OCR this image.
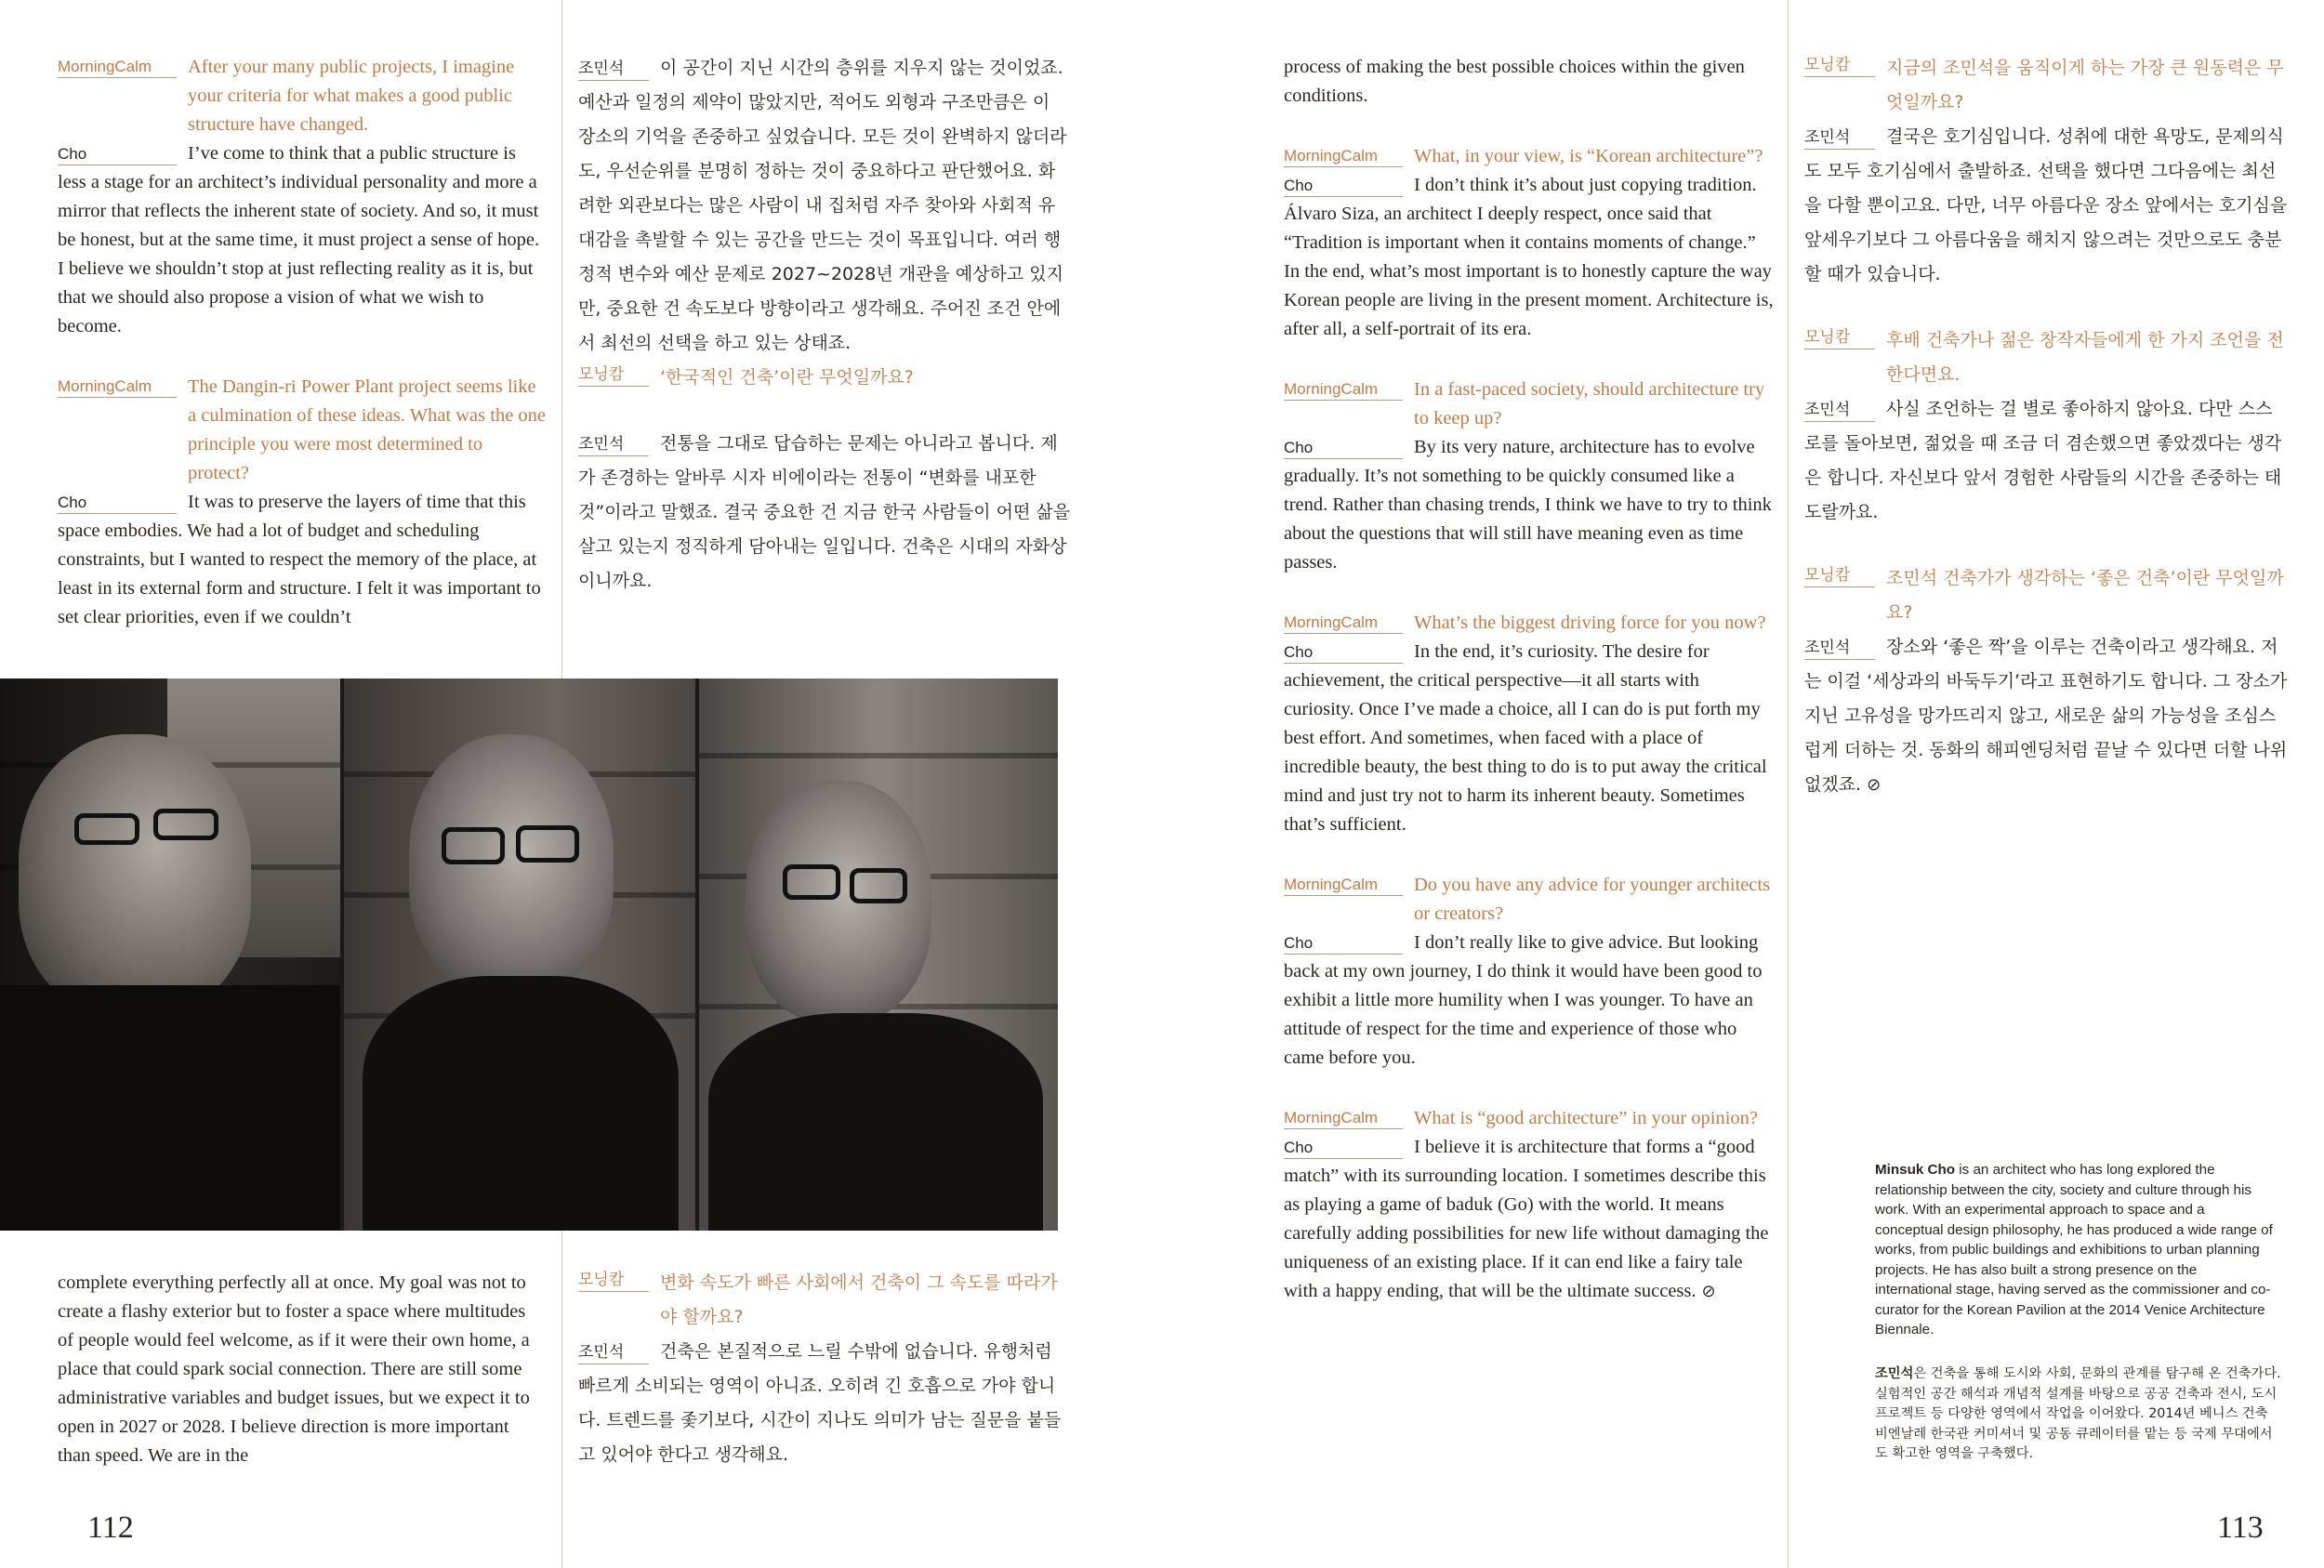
MorningCalm	After your many public projects, I imagine your criteria for what makes a good public structure have changed.
Cho	I’ve come to think that a public structure is less a stage for an architect’s individual personality and more a mirror that reflects the inherent state of society. And so, it must be honest, but at the same time, it must project a sense of hope. I believe we shouldn’t stop at just reflecting reality as it is, but that we should also propose a vision of what we wish to become.
MorningCalm	The Dangin-ri Power Plant project seems like a culmination of these ideas. What was the one principle you were most determined to protect?
Cho	It was to preserve the layers of time that this space embodies. We had a lot of budget and scheduling constraints, but I wanted to respect the memory of the place, at least in its external form and structure. I felt it was important to set clear priorities, even if we couldn’t

complete everything perfectly all at once. My goal was not to create a flashy exterior but to foster a space where multitudes of people would feel welcome, as if it were their own home, a place that could spark social connection. There are still some administrative variables and budget issues, but we expect it to open in 2027 or 2028. I believe direction is more important than speed. We are in the

조민석 이 공간이 지닌 시간의 층위를 지우지 않는 것이었죠. 예산과 일정의 제약이 많았지만, 적어도 외형과 구조만큼은 이 장소의 기억을 존중하고 싶었습니다. 모든 것이 완벽하지 않더라도, 우선순위를 분명히 정하는 것이 중요하다고 판단했어요. 화려한 외관보다는 많은 사람이 내 집처럼 자주 찾아와 사회적 유대감을 촉발할 수 있는 공간을 만드는 것이 목표입니다. 여러 행정적 변수와 예산 문제로 2027~2028년 개관을 예상하고 있지만, 중요한 건 속도보다 방향이라고 생각해요. 주어진 조건 안에서 최선의 선택을 하고 있는 상태죠.
모닝캄	‘한국적인 건축’이란 무엇일까요?
조민석 전통을 그대로 답습하는 문제는 아니라고 봅니다. 제가 존경하는 알바루 시자 비에이라는 전통이 “변화를 내포한 것”이라고 말했죠. 결국 중요한 건 지금 한국 사람들이 어떤 삶을 살고 있는지 정직하게 담아내는 일입니다. 건축은 시대의 자화상이니까요.
모닝캄	변화 속도가 빠른 사회에서 건축이 그 속도를 따라가야 할까요?
조민석 건축은 본질적으로 느릴 수밖에 없습니다. 유행처럼 빠르게 소비되는 영역이 아니죠. 오히려 긴 호흡으로 가야 합니다. 트렌드를 좇기보다, 시간이 지나도 의미가 남는 질문을 붙들고 있어야 한다고 생각해요.

process of making the best possible choices within the given conditions.

MorningCalm	What, in your view, is “Korean architecture”?
Cho	I don’t think it’s about just copying tradition. Álvaro Siza, an architect I deeply respect, once said that “Tradition is important when it contains moments of change.” In the end, what’s most important is to honestly capture the way Korean people are living in the present moment. Architecture is, after all, a self-portrait of its era.
MorningCalm	In a fast-paced society, should architecture try to keep up?
Cho	By its very nature, architecture has to evolve gradually. It’s not something to be quickly consumed like a trend. Rather than chasing trends, I think we have to try to think about the questions that will still have meaning even as time passes.
MorningCalm	What’s the biggest driving force for you now?
Cho	In the end, it’s curiosity. The desire for achievement, the critical perspective—it all starts with curiosity. Once I’ve made a choice, all I can do is put forth my best effort. And sometimes, when faced with a place of incredible beauty, the best thing to do is to put away the critical mind and just try not to harm its inherent beauty. Sometimes that’s sufficient.
MorningCalm	Do you have any advice for younger architects or creators?
Cho	I don’t really like to give advice. But looking back at my own journey, I do think it would have been good to exhibit a little more humility when I was younger. To have an attitude of respect for the time and experience of those who came before you.
MorningCalm	What is “good architecture” in your opinion?
Cho	I believe it is architecture that forms a “good match” with its surrounding location. I sometimes describe this as playing a game of baduk (Go) with the world. It means carefully adding possibilities for new life without damaging the uniqueness of an existing place. If it can end like a fairy tale with a happy ending, that will be the ultimate success. ⊘
모닝캄	지금의 조민석을 움직이게 하는 가장 큰 원동력은 무엇일까요?
조민석 결국은 호기심입니다. 성취에 대한 욕망도, 문제의식도 모두 호기심에서 출발하죠. 선택을 했다면 그다음에는 최선을 다할 뿐이고요. 다만, 너무 아름다운 장소 앞에서는 호기심을 앞세우기보다 그 아름다움을 해치지 않으려는 것만으로도 충분할 때가 있습니다.
모닝캄	후배 건축가나 젊은 창작자들에게 한 가지 조언을 전한다면요.
조민석 사실 조언하는 걸 별로 좋아하지 않아요. 다만 스스로를 돌아보면, 젊었을 때 조금 더 겸손했으면 좋았겠다는 생각은 합니다. 자신보다 앞서 경험한 사람들의 시간을 존중하는 태도랄까요.
모닝캄	조민석 건축가가 생각하는 ‘좋은 건축’이란 무엇일까요?
조민석 장소와 ‘좋은 짝’을 이루는 건축이라고 생각해요. 저는 이걸 ‘세상과의 바둑두기’라고 표현하기도 합니다. 그 장소가 지닌 고유성을 망가뜨리지 않고, 새로운 삶의 가능성을 조심스럽게 더하는 것. 동화의 해피엔딩처럼 끝날 수 있다면 더할 나위 없겠죠. ⊘
Minsuk Cho is an architect who has long explored the relationship between the city, society and culture through his work. With an experimental approach to space and a conceptual design philosophy, he has produced a wide range of works, from public buildings and exhibitions to urban planning projects. He has also built a strong presence on the international stage, having served as the commissioner and co-curator for the Korean Pavilion at the 2014 Venice Architecture Biennale.
조민석은 건축을 통해 도시와 사회, 문화의 관계를 탐구해 온 건축가다. 실험적인 공간 해석과 개념적 설계를 바탕으로 공공 건축과 전시, 도시 프로젝트 등 다양한 영역에서 작업을 이어왔다. 2014년 베니스 건축 비엔날레 한국관 커미셔너 및 공동 큐레이터를 맡는 등 국제 무대에서도 확고한 영역을 구축했다.
112	113
